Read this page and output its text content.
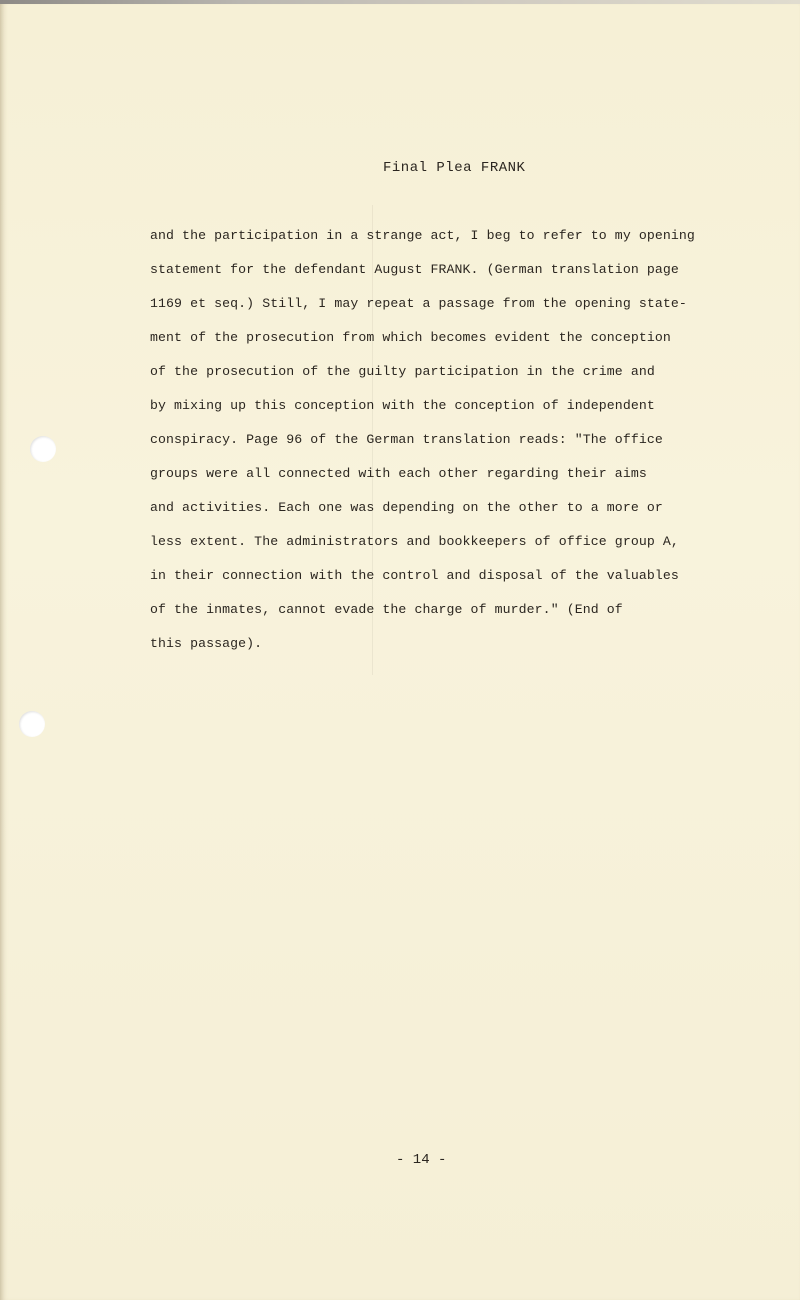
Final Plea FRANK
and the participation in a strange act, I beg to refer to my opening
statement for the defendant August FRANK. (German translation page
1169 et seq.) Still, I may repeat a passage from the opening state-
ment of the prosecution from which becomes evident the conception
of the prosecution of the guilty participation in the crime and
by mixing up this conception with the conception of independent
conspiracy. Page 96 of the German translation reads: "The office
groups were all connected with each other regarding their aims
and activities. Each one was depending on the other to a more or
less extent. The administrators and bookkeepers of office group A,
in their connection with the control and disposal of the valuables
of the inmates, cannot evade the charge of murder." (End of
this passage).
- 14 -
